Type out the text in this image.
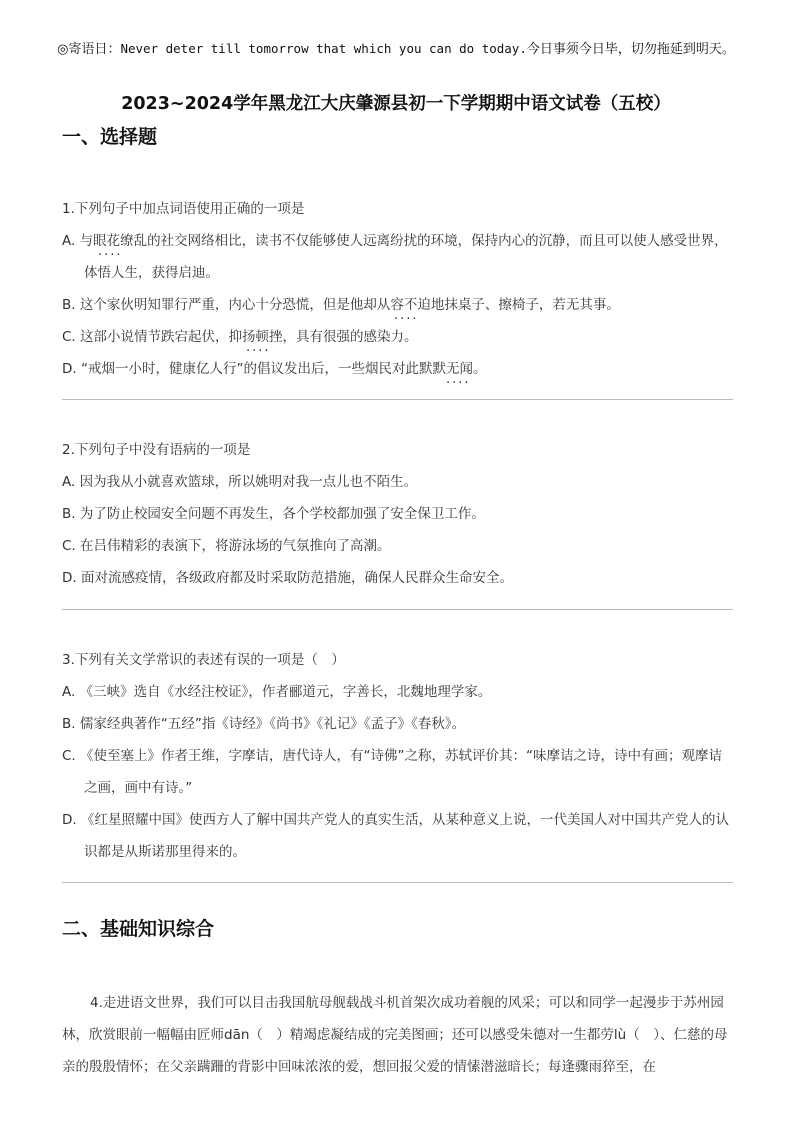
◎寄语日：Never deter till tomorrow that which you can do today.今日事须今日毕，切勿拖延到明天。
2023~2024学年黑龙江大庆肇源县初一下学期期中语文试卷（五校）
一、选择题
1.下列句子中加点词语使用正确的一项是
A. 与眼花缭乱的社交网络相比，读书不仅能够使人远离纷扰的环境，保持内心的沉静，而且可以使人感受世界，体悟人生，获得启迪。
B. 这个家伙明知罪行严重，内心十分恐慌，但是他却从容不迫地抹桌子、擦椅子，若无其事。
C. 这部小说情节跌宕起伏，抑扬顿挫，具有很强的感染力。
D. “戒烟一小时，健康亿人行”的倡议发出后，一些烟民对此默默无闻。
····
····
····
····
2.下列句子中没有语病的一项是
A. 因为我从小就喜欢篮球，所以姚明对我一点儿也不陌生。
B. 为了防止校园安全问题不再发生，各个学校都加强了安全保卫工作。
C. 在吕伟精彩的表演下，将游泳场的气氛推向了高潮。
D. 面对流感疫情，各级政府都及时采取防范措施，确保人民群众生命安全。
3.下列有关文学常识的表述有误的一项是（　）
A. 《三峡》选自《水经注校证》，作者郦道元，字善长，北魏地理学家。
B. 儒家经典著作“五经”指《诗经》《尚书》《礼记》《孟子》《春秋》。
C. 《使至塞上》作者王维，字摩诘，唐代诗人，有“诗佛”之称，苏轼评价其：“味摩诘之诗，诗中有画；观摩诘之画，画中有诗。”
D. 《红星照耀中国》使西方人了解中国共产党人的真实生活，从某种意义上说，一代美国人对中国共产党人的认识都是从斯诺那里得来的。
二、基础知识综合
4.走进语文世界，我们可以目击我国航母舰载战斗机首架次成功着舰的风采；可以和同学一起漫步于苏州园林，欣赏眼前一幅幅由匠师dān（　）精竭虑凝结成的完美图画；还可以感受朱德对一生都劳lù（　）、仁慈的母亲的殷殷情怀；在父亲蹒跚的背影中回味浓浓的爱，想回报父爱的情愫潜滋暗长；每逢骤雨猝至，在
